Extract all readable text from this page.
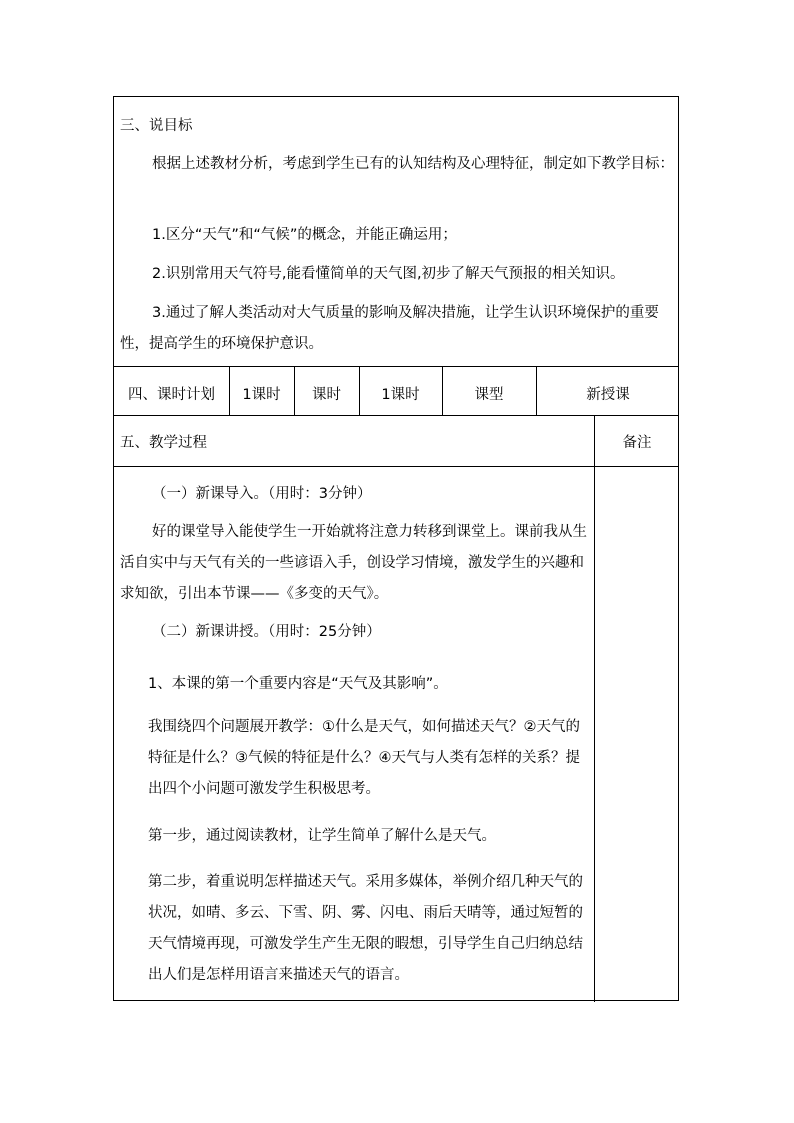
三、说目标
根据上述教材分析，考虑到学生已有的认知结构及心理特征，制定如下教学目标：
1.区分“天气”和“气候”的概念，并能正确运用；
2.识别常用天气符号,能看懂简单的天气图,初步了解天气预报的相关知识。
3.通过了解人类活动对大气质量的影响及解决措施，让学生认识环境保护的重要性，提高学生的环境保护意识。
四、课时计划	1课时	课时	1课时	课型	新授课
五、教学过程	备注
（一）新课导入。（用时：3分钟）
好的课堂导入能使学生一开始就将注意力转移到课堂上。课前我从生活自实中与天气有关的一些谚语入手，创设学习情境，激发学生的兴趣和求知欲，引出本节课——《多变的天气》。
（二）新课讲授。（用时：25分钟）
1、本课的第一个重要内容是“天气及其影响”。
我围绕四个问题展开教学：①什么是天气，如何描述天气？②天气的特征是什么？③气候的特征是什么？④天气与人类有怎样的关系？提出四个小问题可激发学生积极思考。
第一步，通过阅读教材，让学生简单了解什么是天气。
第二步，着重说明怎样描述天气。采用多媒体，举例介绍几种天气的状况，如晴、多云、下雪、阴、雾、闪电、雨后天晴等，通过短暂的天气情境再现，可激发学生产生无限的暇想，引导学生自己归纳总结出人们是怎样用语言来描述天气的语言。
